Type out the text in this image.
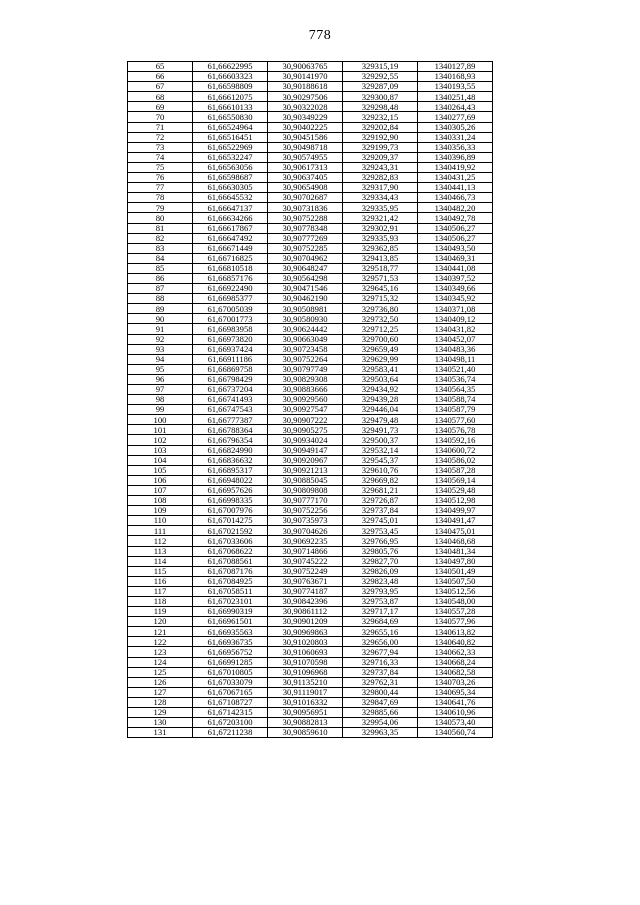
778
65	61,66622995	30,90063765	329315,19	1340127,89
66	61,66603323	30,90141970	329292,55	1340168,93
67	61,66598809	30,90188618	329287,09	1340193,55
68	61,66612075	30,90297506	329300,87	1340251,48
69	61,66610133	30,90322028	329298,48	1340264,43
70	61,66550830	30,90349229	329232,15	1340277,69
71	61,66524964	30,90402225	329202,84	1340305,26
72	61,66516451	30,90451586	329192,90	1340331,24
73	61,66522969	30,90498718	329199,73	1340356,33
74	61,66532247	30,90574955	329209,37	1340396,89
75	61,66563056	30,90617313	329243,31	1340419,92
76	61,66598687	30,90637405	329282,83	1340431,25
77	61,66630305	30,90654908	329317,90	1340441,13
78	61,66645532	30,90702687	329334,43	1340466,73
79	61,66647137	30,90731836	329335,95	1340482,20
80	61,66634266	30,90752288	329321,42	1340492,78
81	61,66617867	30,90778348	329302,91	1340506,27
82	61,66647492	30,90777269	329335,93	1340506,27
83	61,66671449	30,90752285	329362,85	1340493,50
84	61,66716825	30,90704962	329413,85	1340469,31
85	61,66810518	30,90648247	329518,77	1340441,08
86	61,66857176	30,90564298	329571,53	1340397,52
87	61,66922490	30,90471546	329645,16	1340349,66
88	61,66985377	30,90462190	329715,32	1340345,92
89	61,67005039	30,90508981	329736,80	1340371,08
90	61,67001773	30,90580930	329732,50	1340409,12
91	61,66983958	30,90624442	329712,25	1340431,82
92	61,66973820	30,90663049	329700,60	1340452,07
93	61,66937424	30,90723458	329659,49	1340483,36
94	61,66911186	30,90752264	329629,99	1340498,11
95	61,66869758	30,90797749	329583,41	1340521,40
96	61,66798429	30,90829308	329503,64	1340536,74
97	61,66737204	30,90883666	329434,92	1340564,35
98	61,66741493	30,90929560	329439,28	1340588,74
99	61,66747543	30,90927547	329446,04	1340587,79
100	61,66777387	30,90907222	329479,48	1340577,60
101	61,66788364	30,90905275	329491,73	1340576,78
102	61,66796354	30,90934024	329500,37	1340592,16
103	61,66824990	30,90949147	329532,14	1340600,72
104	61,66836632	30,90920967	329545,37	1340586,02
105	61,66895317	30,90921213	329610,76	1340587,28
106	61,66948022	30,90885045	329669,82	1340569,14
107	61,66957626	30,90809808	329681,21	1340529,48
108	61,66998335	30,90777170	329726,87	1340512,98
109	61,67007976	30,90752256	329737,84	1340499,97
110	61,67014275	30,90735973	329745,01	1340491,47
111	61,67021592	30,90704626	329753,45	1340475,01
112	61,67033606	30,90692235	329766,95	1340468,68
113	61,67068622	30,90714866	329805,76	1340481,34
114	61,67088561	30,90745222	329827,70	1340497,80
115	61,67087176	30,90752249	329826,09	1340501,49
116	61,67084925	30,90763671	329823,48	1340507,50
117	61,67058511	30,90774187	329793,95	1340512,56
118	61,67023101	30,90842396	329753,87	1340548,00
119	61,66990319	30,90861112	329717,17	1340557,28
120	61,66961501	30,90901209	329684,69	1340577,96
121	61,66935563	30,90969863	329655,16	1340613,82
122	61,66936735	30,91020803	329656,00	1340640,82
123	61,66956752	30,91060693	329677,94	1340662,33
124	61,66991285	30,91070598	329716,33	1340668,24
125	61,67010805	30,91096968	329737,84	1340682,58
126	61,67033079	30,91135210	329762,31	1340703,26
127	61,67067165	30,91119017	329800,44	1340695,34
128	61,67108727	30,91016332	329847,69	1340641,76
129	61,67142315	30,90956951	329885,66	1340610,96
130	61,67203100	30,90882813	329954,06	1340573,40
131	61,67211238	30,90859610	329963,35	1340560,74
